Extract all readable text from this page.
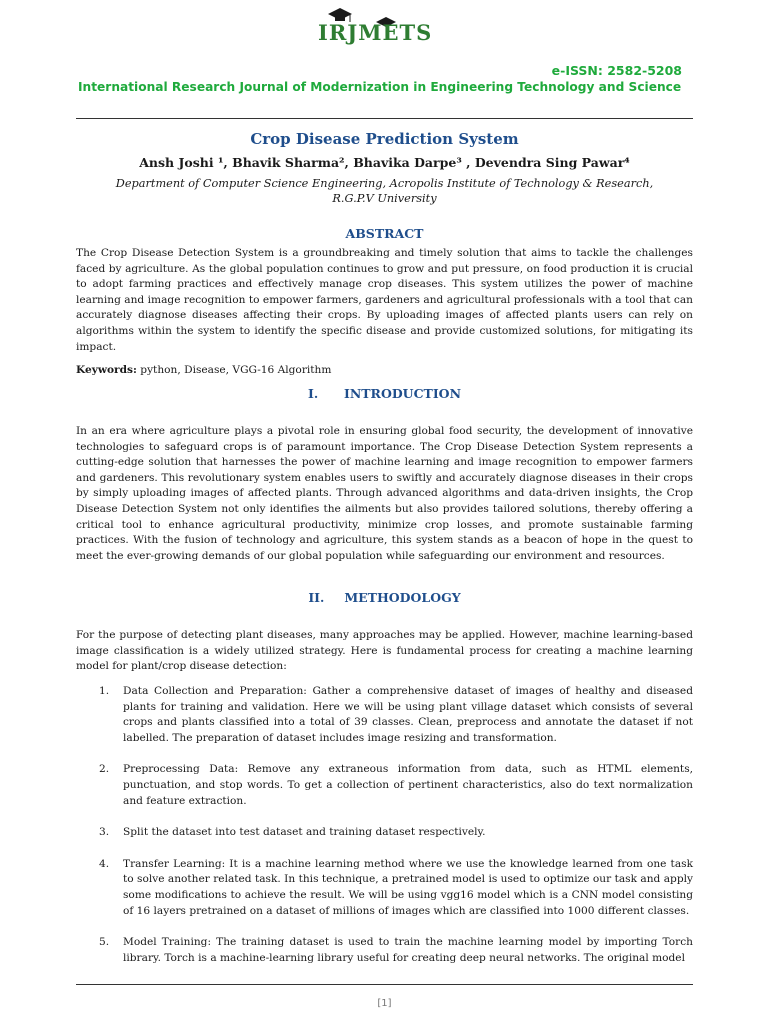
IRJMETS
e-ISSN: 2582-5208
International Research Journal of Modernization in Engineering Technology and Science
Crop Disease Prediction System
Ansh Joshi ¹, Bhavik Sharma², Bhavika Darpe³ , Devendra Sing Pawar⁴
Department of Computer Science Engineering, Acropolis Institute of Technology & Research,
R.G.P.V University
ABSTRACT
The Crop Disease Detection System is a groundbreaking and timely solution that aims to tackle the challenges faced by agriculture. As the global population continues to grow and put pressure, on food production it is crucial to adopt farming practices and effectively manage crop diseases. This system utilizes the power of machine learning and image recognition to empower farmers, gardeners and agricultural professionals with a tool that can accurately diagnose diseases affecting their crops. By uploading images of affected plants users can rely on algorithms within the system to identify the specific disease and provide customized solutions, for mitigating its impact.
Keywords: python, Disease, VGG-16 Algorithm
I. INTRODUCTION
In an era where agriculture plays a pivotal role in ensuring global food security, the development of innovative technologies to safeguard crops is of paramount importance. The Crop Disease Detection System represents a cutting-edge solution that harnesses the power of machine learning and image recognition to empower farmers and gardeners. This revolutionary system enables users to swiftly and accurately diagnose diseases in their crops by simply uploading images of affected plants. Through advanced algorithms and data-driven insights, the Crop Disease Detection System not only identifies the ailments but also provides tailored solutions, thereby offering a critical tool to enhance agricultural productivity, minimize crop losses, and promote sustainable farming practices. With the fusion of technology and agriculture, this system stands as a beacon of hope in the quest to meet the ever-growing demands of our global population while safeguarding our environment and resources.
II. METHODOLOGY
For the purpose of detecting plant diseases, many approaches may be applied. However, machine learning-based image classification is a widely utilized strategy. Here is fundamental process for creating a machine learning model for plant/crop disease detection:
1. Data Collection and Preparation: Gather a comprehensive dataset of images of healthy and diseased plants for training and validation. Here we will be using plant village dataset which consists of several crops and plants classified into a total of 39 classes. Clean, preprocess and annotate the dataset if not labelled. The preparation of dataset includes image resizing and transformation.
2. Preprocessing Data: Remove any extraneous information from data, such as HTML elements, punctuation, and stop words. To get a collection of pertinent characteristics, also do text normalization and feature extraction.
3. Split the dataset into test dataset and training dataset respectively.
4. Transfer Learning: It is a machine learning method where we use the knowledge learned from one task to solve another related task. In this technique, a pretrained model is used to optimize our task and apply some modifications to achieve the result. We will be using vgg16 model which is a CNN model consisting of 16 layers pretrained on a dataset of millions of images which are classified into 1000 different classes.
5. Model Training: The training dataset is used to train the machine learning model by importing Torch library. Torch is a machine-learning library useful for creating deep neural networks. The original model
[1]
